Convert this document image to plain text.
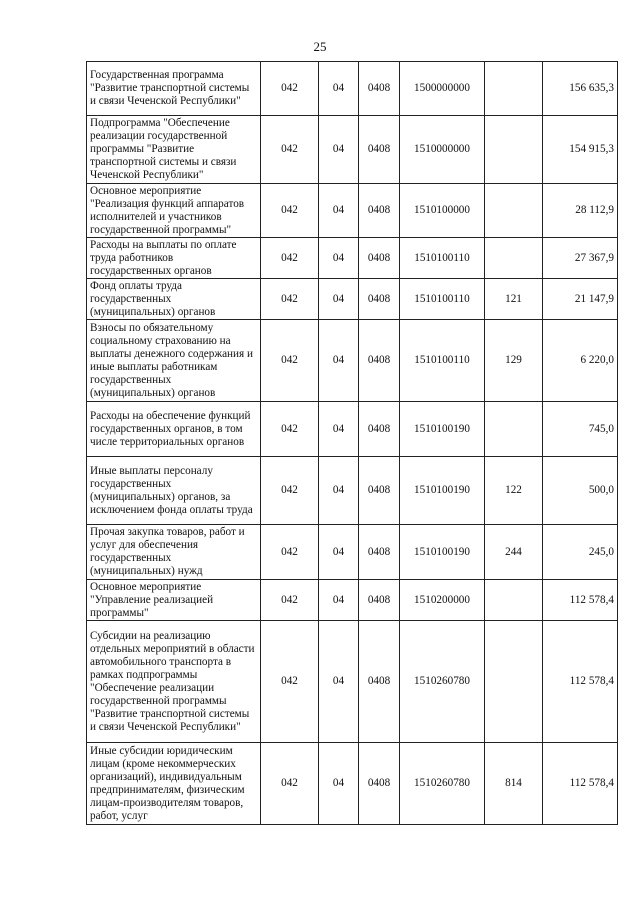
25
Государственная программа "Развитие транспортной системы и связи Чеченской Республики"	042	04	0408	1500000000		156 635,3
Подпрограмма "Обеспечение реализации государственной программы "Развитие транспортной системы и связи Чеченской Республики"	042	04	0408	1510000000		154 915,3
Основное мероприятие "Реализация функций аппаратов исполнителей и участников государственной программы"	042	04	0408	1510100000		28 112,9
Расходы на выплаты по оплате труда работников государственных органов	042	04	0408	1510100110		27 367,9
Фонд оплаты труда государственных (муниципальных) органов	042	04	0408	1510100110	121	21 147,9
Взносы по обязательному социальному страхованию на выплаты денежного содержания и иные выплаты работникам государственных (муниципальных) органов	042	04	0408	1510100110	129	6 220,0
Расходы на обеспечение функций государственных органов, в том числе территориальных органов	042	04	0408	1510100190		745,0
Иные выплаты персоналу государственных (муниципальных) органов, за исключением фонда оплаты труда	042	04	0408	1510100190	122	500,0
Прочая закупка товаров, работ и услуг для обеспечения государственных (муниципальных) нужд	042	04	0408	1510100190	244	245,0
Основное мероприятие "Управление реализацией программы"	042	04	0408	1510200000		112 578,4
Субсидии на реализацию отдельных мероприятий в области автомобильного транспорта в рамках подпрограммы "Обеспечение реализации государственной программы "Развитие транспортной системы и связи Чеченской Республики"	042	04	0408	1510260780		112 578,4
Иные субсидии юридическим лицам (кроме некоммерческих организаций), индивидуальным предпринимателям, физическим лицам-производителям товаров, работ, услуг	042	04	0408	1510260780	814	112 578,4
